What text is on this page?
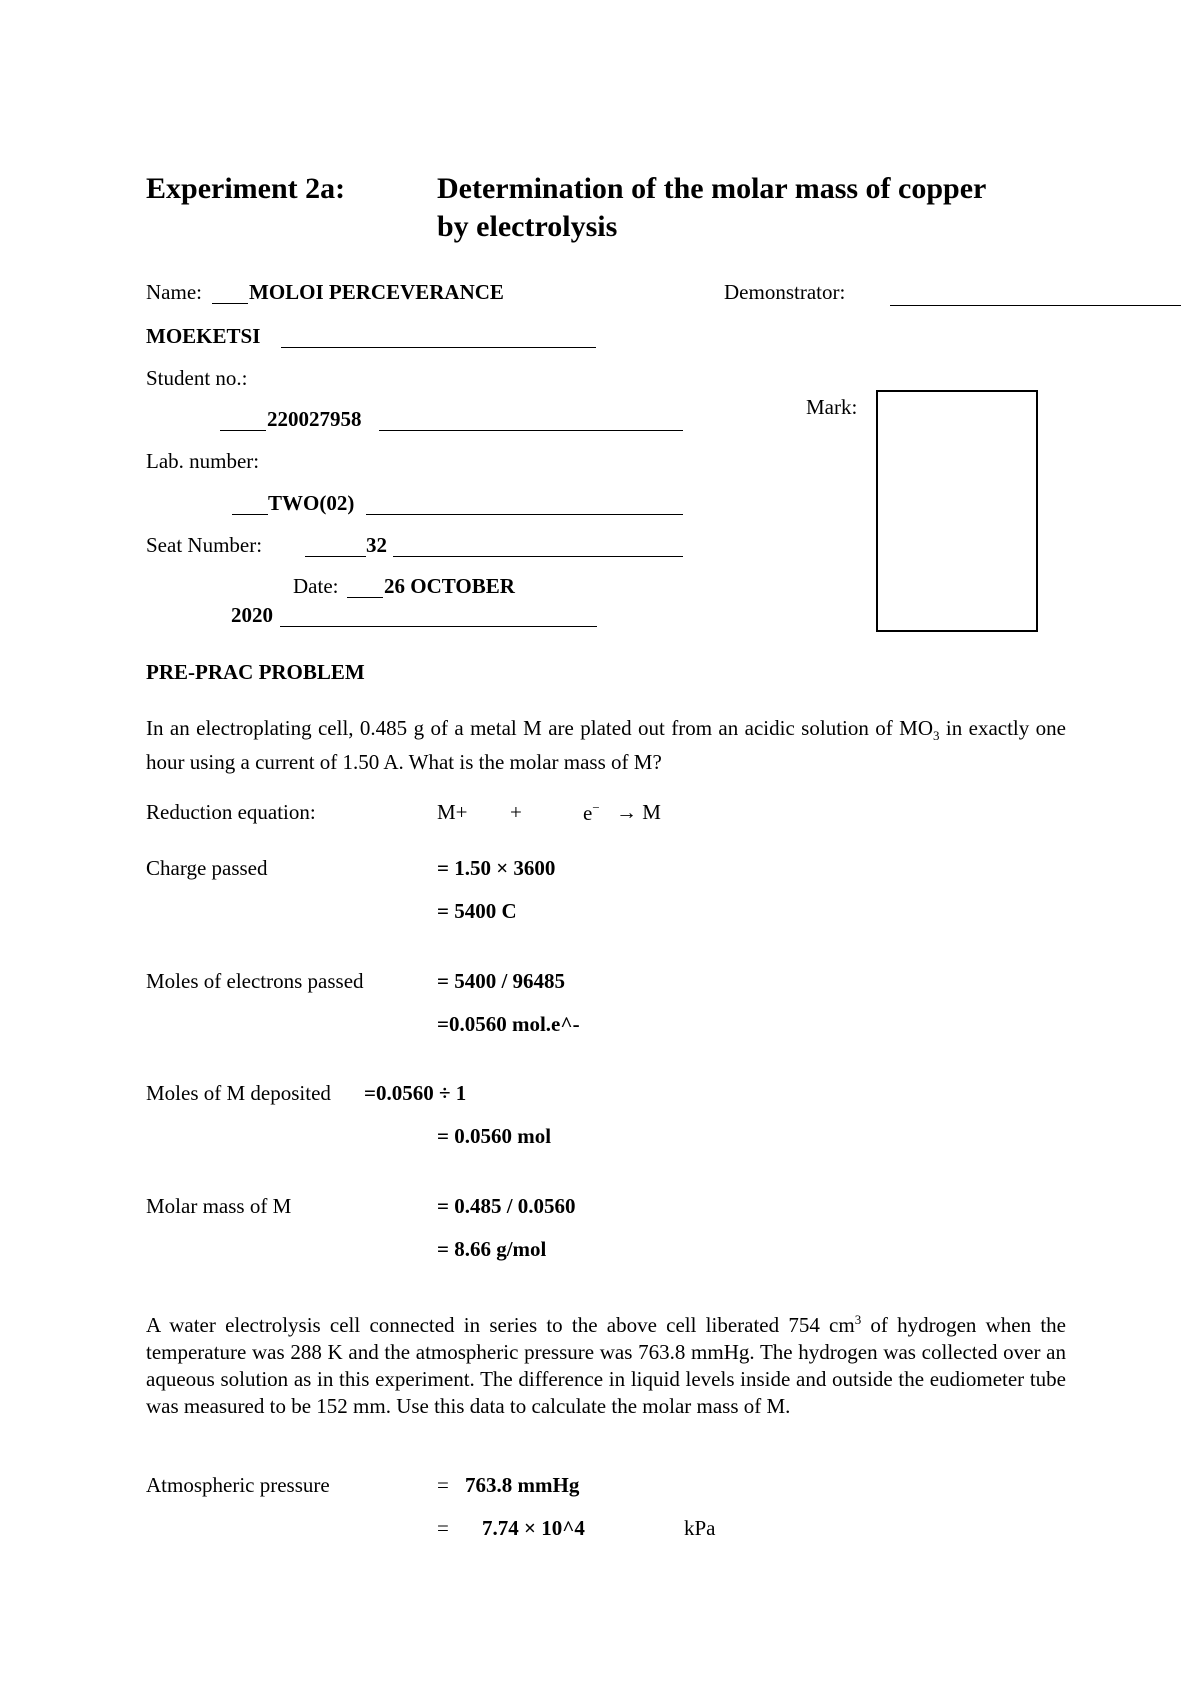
Experiment 2a:	Determination of the molar mass of copper
by electrolysis
Name: MOLOI PERCEVERANCE	Demonstrator:
MOEKETSI
Student no.:
220027958	Mark:
Lab. number:
TWO(02)
Seat Number:	32
Date: 26 OCTOBER
2020
PRE-PRAC PROBLEM
In an electroplating cell, 0.485 g of a metal M are plated out from an acidic solution of $MO_3$ in exactly one hour using a current of 1.50 A. What is the molar mass of M?
Reduction equation:	M+ +	e− → M
Charge passed	= 1.50 × 3600
= 5400 C
Moles of electrons passed	= 5400 / 96485
=0.0560 mol.e^-
Moles of M deposited =0.0560 ÷ 1
= 0.0560 mol
Molar mass of M	= 0.485 / 0.0560
= 8.66 g/mol
A water electrolysis cell connected in series to the above cell liberated 754 $cm^3$ of hydrogen when the temperature was 288 K and the atmospheric pressure was 763.8 mmHg. The hydrogen was collected over an aqueous solution as in this experiment. The difference in liquid levels inside and outside the eudiometer tube was measured to be 152 mm. Use this data to calculate the molar mass of M.
Atmospheric pressure	= 763.8 mmHg
= 7.74 × 10^4	kPa
